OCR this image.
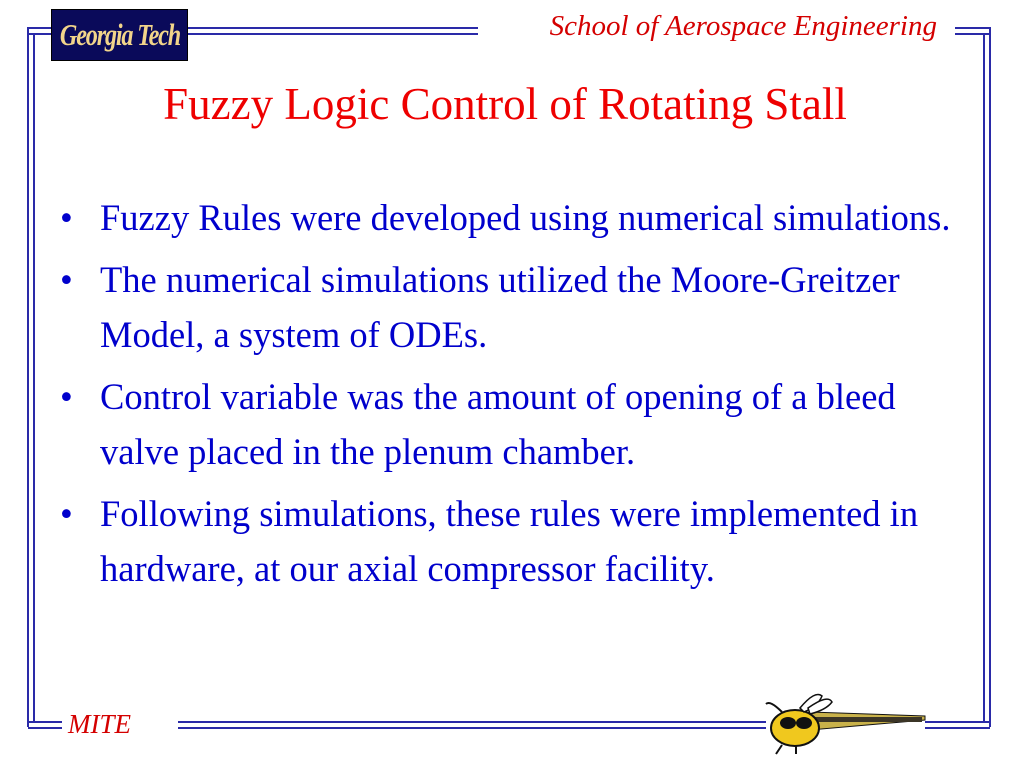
Georgia Tech	School of Aerospace Engineering
Fuzzy Logic Control of Rotating Stall
• Fuzzy Rules were developed using numerical simulations.
• The numerical simulations utilized the Moore-Greitzer Model, a system of ODEs.
• Control variable was the amount of opening of a bleed valve placed in the plenum chamber.
• Following simulations, these rules were implemented in hardware, at our axial compressor facility.
MITE
